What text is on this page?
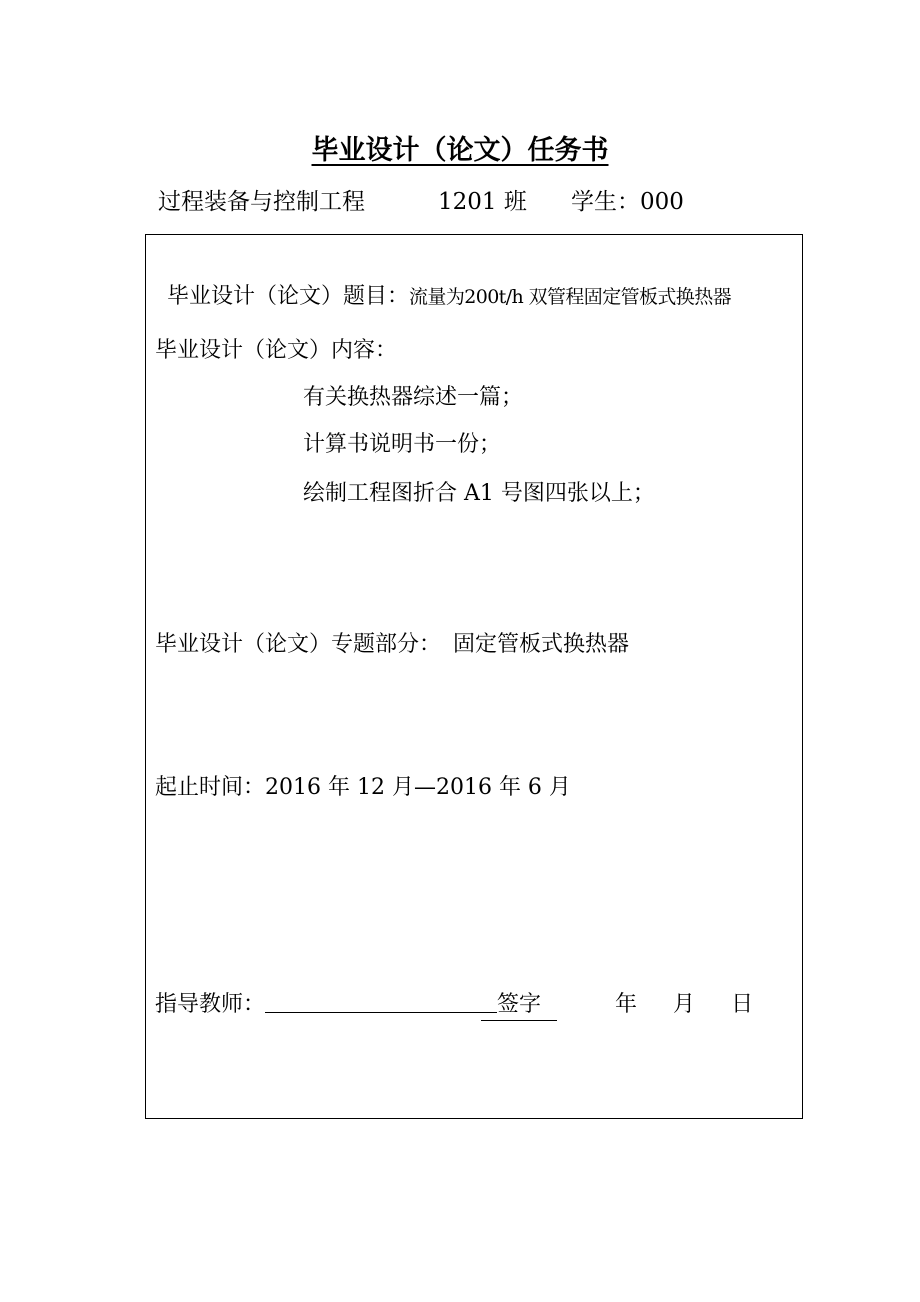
毕业设计（论文）任务书
过程装备与控制工程	1201 班 学生：000
毕业设计（论文）题目：流量为200t/h 双管程固定管板式换热器
毕业设计（论文）内容：
有关换热器综述一篇；
计算书说明书一份；
绘制工程图折合 A1 号图四张以上；
毕业设计（论文）专题部分： 固定管板式换热器
起止时间：2016 年 12 月—2016 年 6 月
指导教师：	签字	年 月 日
